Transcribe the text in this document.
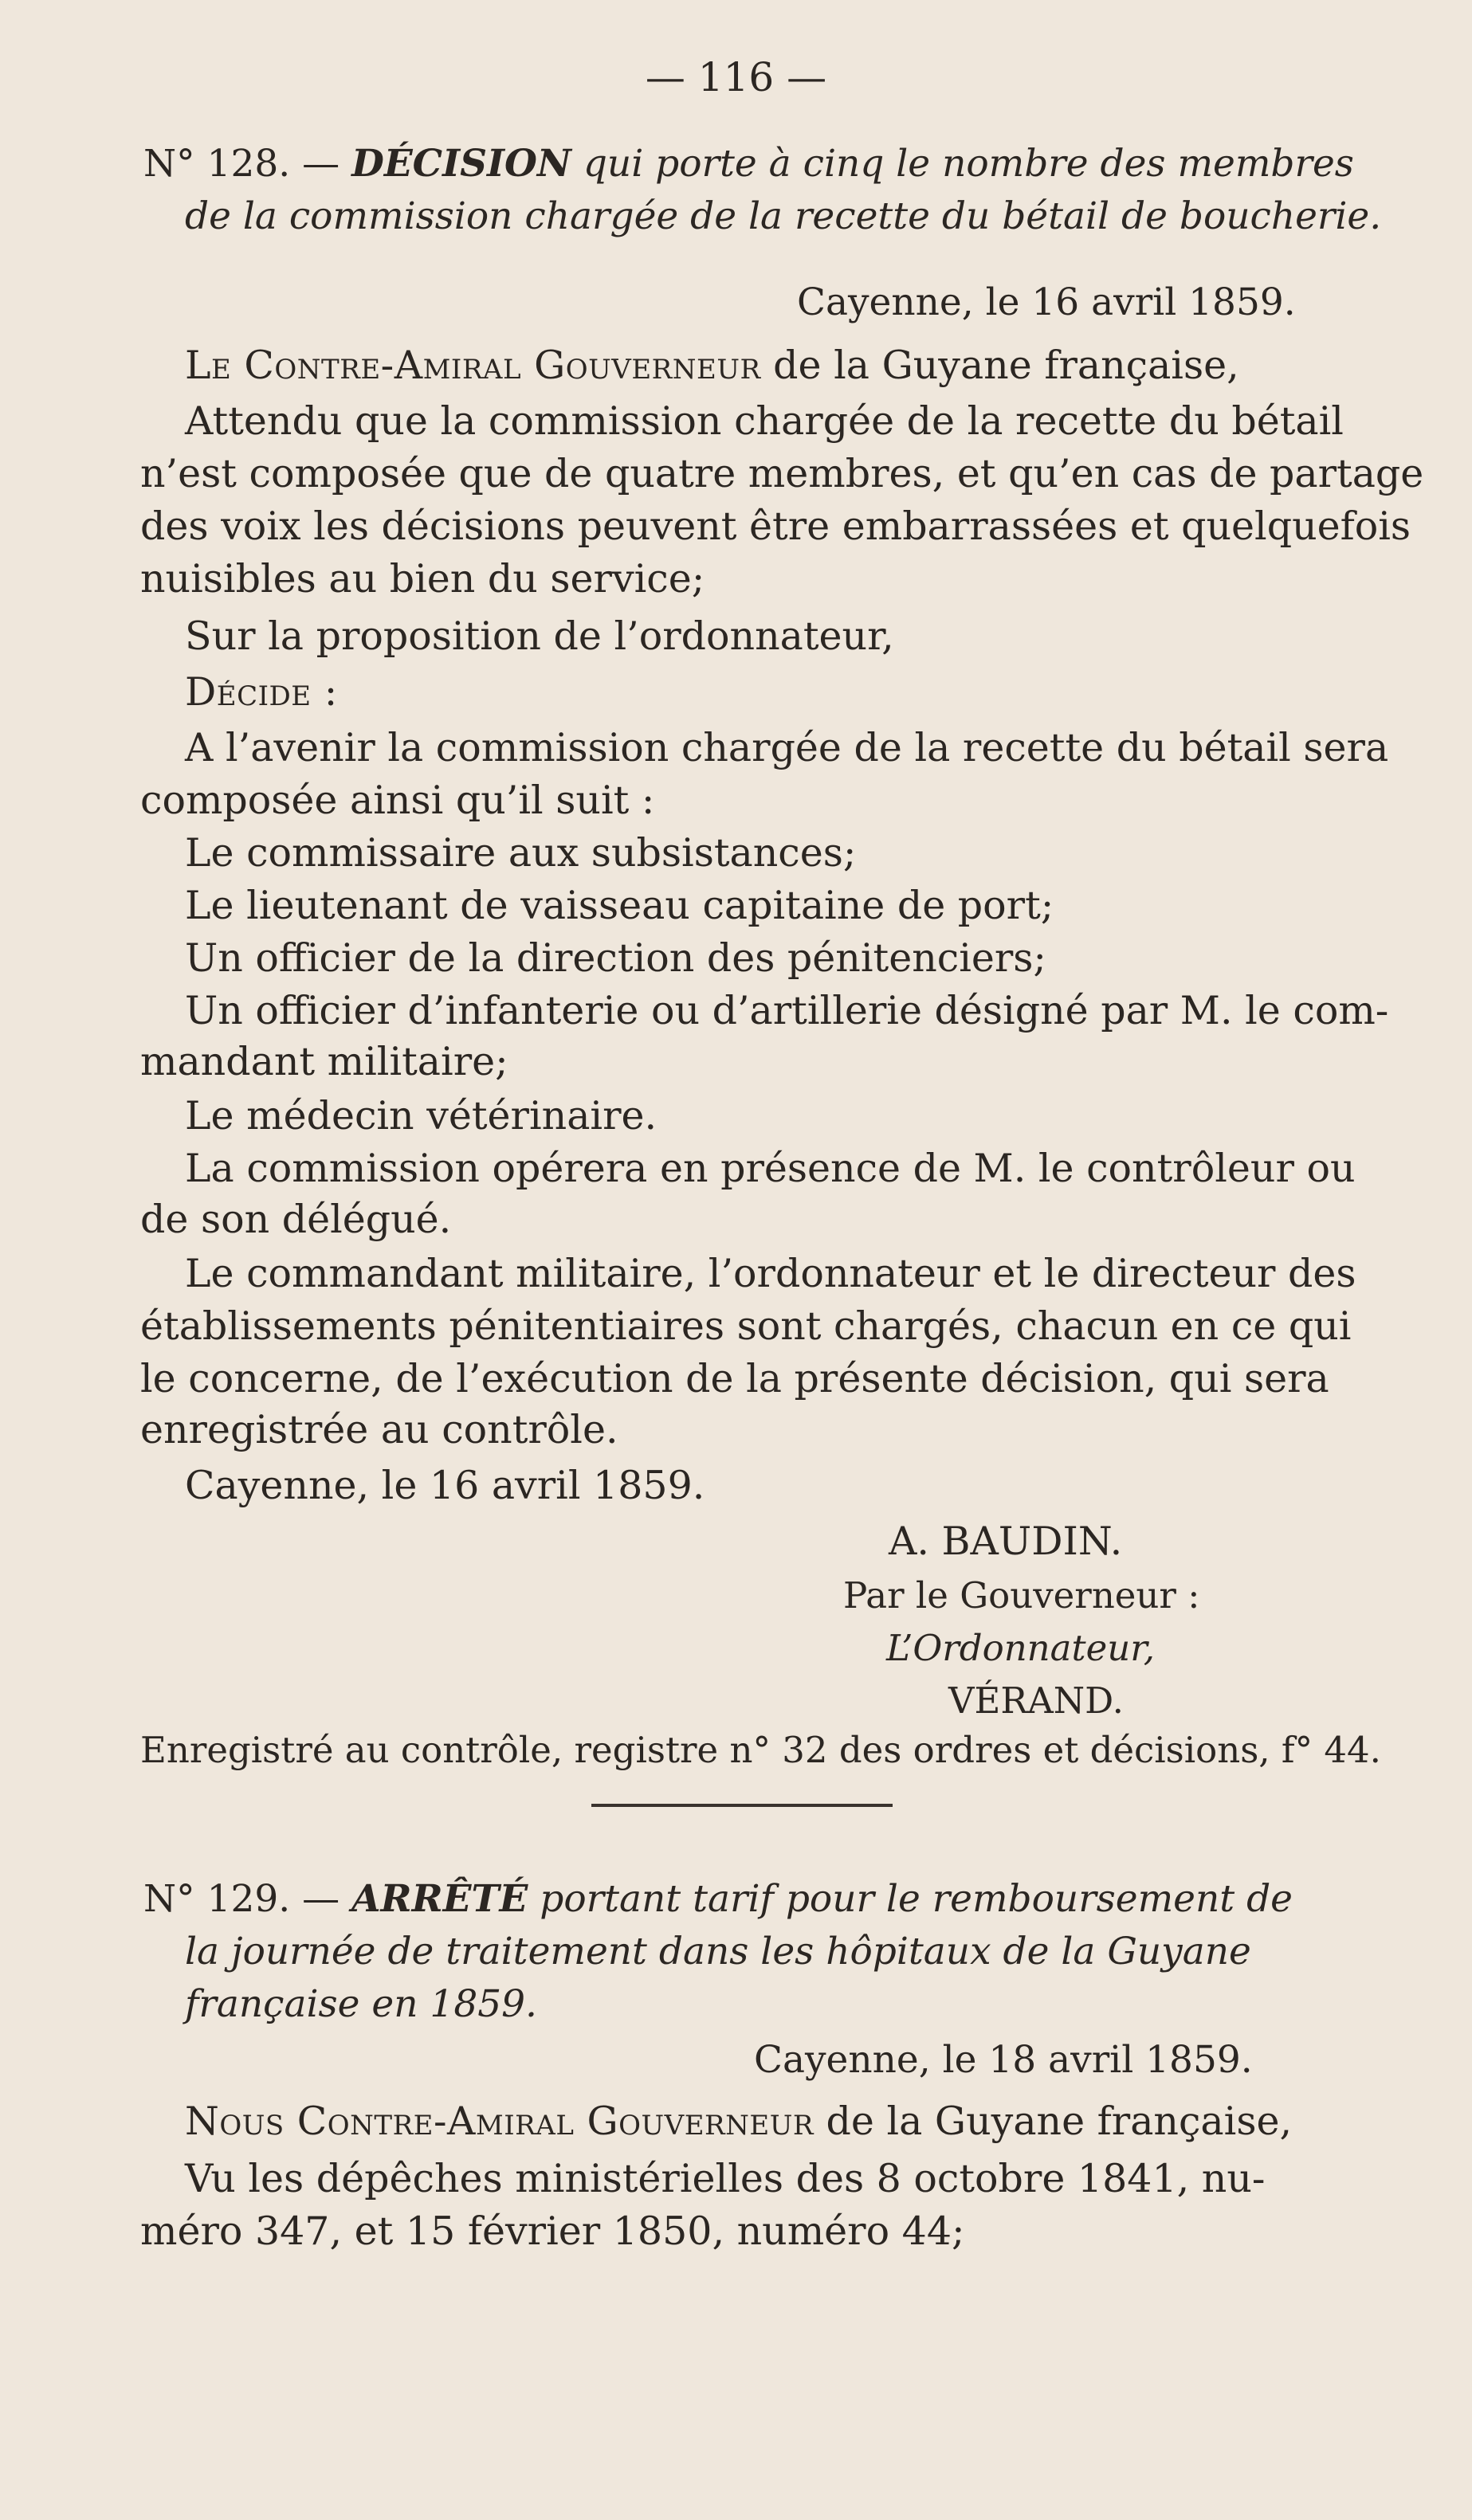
— 116 —
N° 128. — DÉCISION qui porte à cinq le nombre des membres
de la commission chargée de la recette du bétail de boucherie.
Cayenne, le 16 avril 1859.
Le Contre-Amiral Gouverneur de la Guyane française,
Attendu que la commission chargée de la recette du bétail
n’est composée que de quatre membres, et qu’en cas de partage
des voix les décisions peuvent être embarrassées et quelquefois
nuisibles au bien du service;
Sur la proposition de l’ordonnateur,
Décide :
A l’avenir la commission chargée de la recette du bétail sera
composée ainsi qu’il suit :
Le commissaire aux subsistances;
Le lieutenant de vaisseau capitaine de port;
Un officier de la direction des pénitenciers;
Un officier d’infanterie ou d’artillerie désigné par M. le com-
mandant militaire;
Le médecin vétérinaire.
La commission opérera en présence de M. le contrôleur ou
de son délégué.
Le commandant militaire, l’ordonnateur et le directeur des
établissements pénitentiaires sont chargés, chacun en ce qui
le concerne, de l’exécution de la présente décision, qui sera
enregistrée au contrôle.
Cayenne, le 16 avril 1859.
A. BAUDIN.
Par le Gouverneur :
L’Ordonnateur,
VÉRAND.
Enregistré au contrôle, registre n° 32 des ordres et décisions, f° 44.
N° 129. — ARRÊTÉ portant tarif pour le remboursement de
la journée de traitement dans les hôpitaux de la Guyane
française en 1859.
Cayenne, le 18 avril 1859.
Nous Contre-Amiral Gouverneur de la Guyane française,
Vu les dépêches ministérielles des 8 octobre 1841, nu-
méro 347, et 15 février 1850, numéro 44;
